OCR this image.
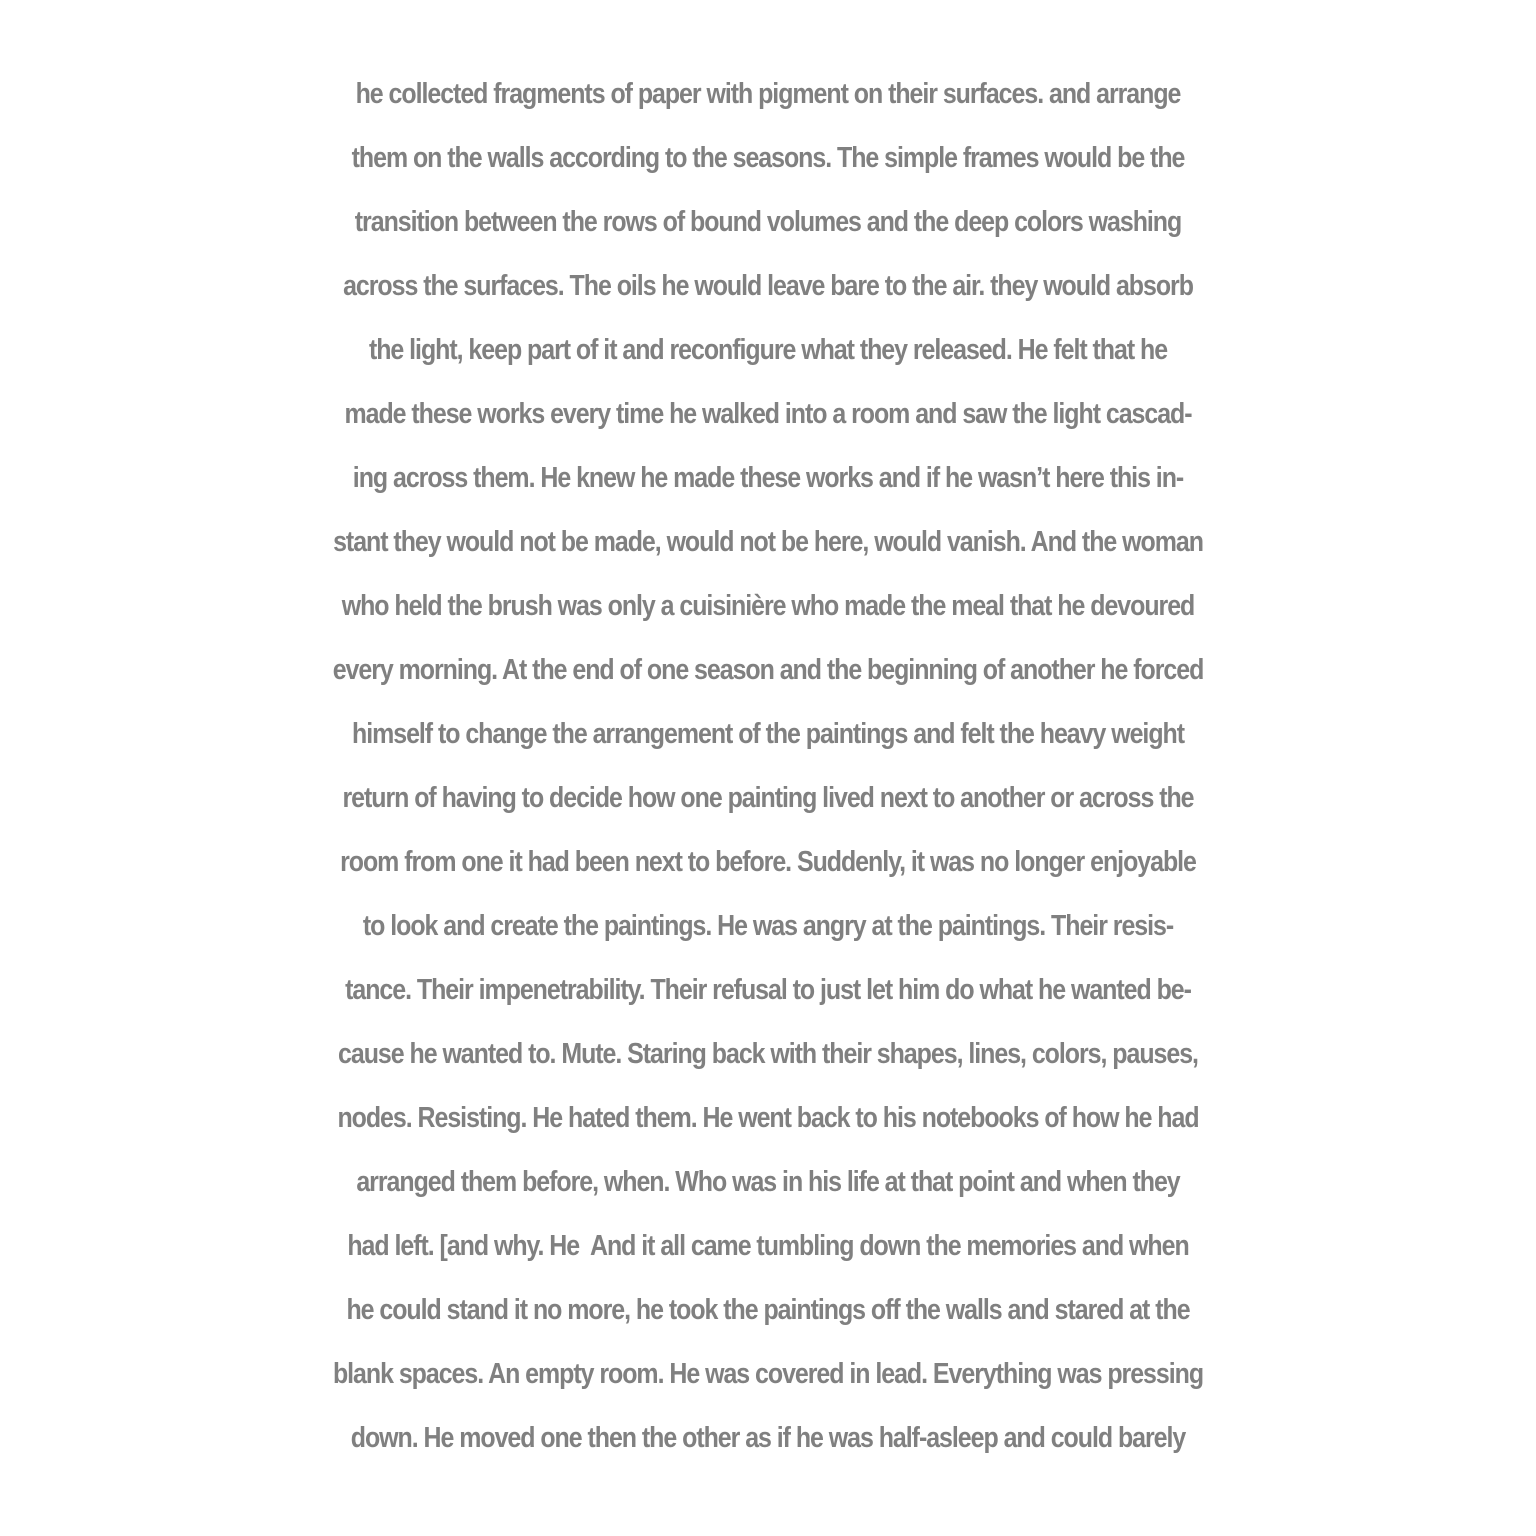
he collected fragments of paper with pigment on their surfaces. and arrange
them on the walls according to the seasons. The simple frames would be the
transition between the rows of bound volumes and the deep colors washing
across the surfaces. The oils he would leave bare to the air. they would absorb
the light, keep part of it and reconfigure what they released. He felt that he
made these works every time he walked into a room and saw the light cascad-
ing across them. He knew he made these works and if he wasn’t here this in-
stant they would not be made, would not be here, would vanish. And the woman
who held the brush was only a cuisinière who made the meal that he devoured
every morning. At the end of one season and the beginning of another he forced
himself to change the arrangement of the paintings and felt the heavy weight
return of having to decide how one painting lived next to another or across the
room from one it had been next to before. Suddenly, it was no longer enjoyable
to look and create the paintings. He was angry at the paintings. Their resis-
tance. Their impenetrability. Their refusal to just let him do what he wanted be-
cause he wanted to. Mute. Staring back with their shapes, lines, colors, pauses,
nodes. Resisting. He hated them. He went back to his notebooks of how he had
arranged them before, when. Who was in his life at that point and when they
had left. [and why. He  And it all came tumbling down the memories and when
he could stand it no more, he took the paintings off the walls and stared at the
blank spaces. An empty room. He was covered in lead. Everything was pressing
down. He moved one then the other as if he was half-asleep and could barely
